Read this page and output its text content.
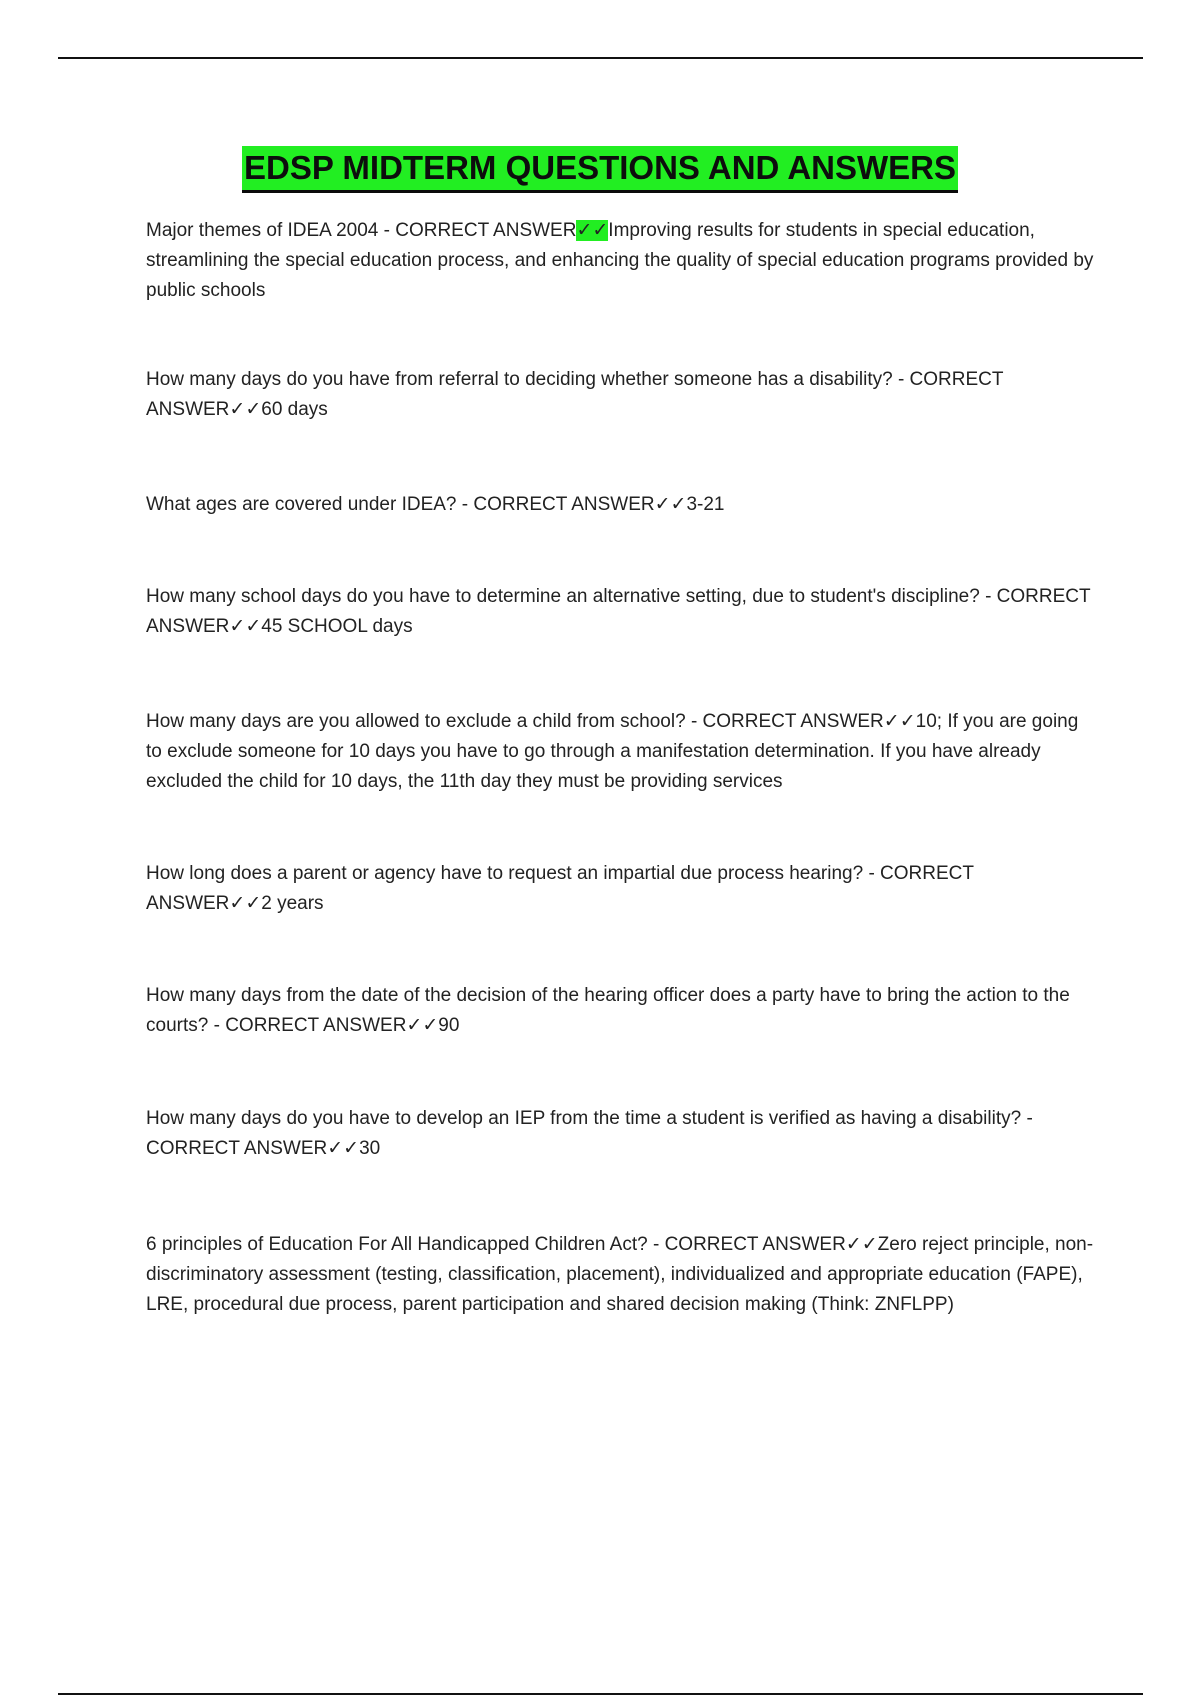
EDSP MIDTERM QUESTIONS AND ANSWERS

Major themes of IDEA 2004 - CORRECT ANSWER✓✓Improving results for students in special education, streamlining the special education process, and enhancing the quality of special education programs provided by public schools

How many days do you have from referral to deciding whether someone has a disability? - CORRECT ANSWER✓✓60 days

What ages are covered under IDEA? - CORRECT ANSWER✓✓3-21

How many school days do you have to determine an alternative setting, due to student's discipline? - CORRECT ANSWER✓✓45 SCHOOL days

How many days are you allowed to exclude a child from school? - CORRECT ANSWER✓✓10; If you are going to exclude someone for 10 days you have to go through a manifestation determination. If you have already excluded the child for 10 days, the 11th day they must be providing services

How long does a parent or agency have to request an impartial due process hearing? - CORRECT ANSWER✓✓2 years

How many days from the date of the decision of the hearing officer does a party have to bring the action to the courts? - CORRECT ANSWER✓✓90

How many days do you have to develop an IEP from the time a student is verified as having a disability? - CORRECT ANSWER✓✓30

6 principles of Education For All Handicapped Children Act? - CORRECT ANSWER✓✓Zero reject principle, non-discriminatory assessment (testing, classification, placement), individualized and appropriate education (FAPE), LRE, procedural due process, parent participation and shared decision making (Think: ZNFLPP)
